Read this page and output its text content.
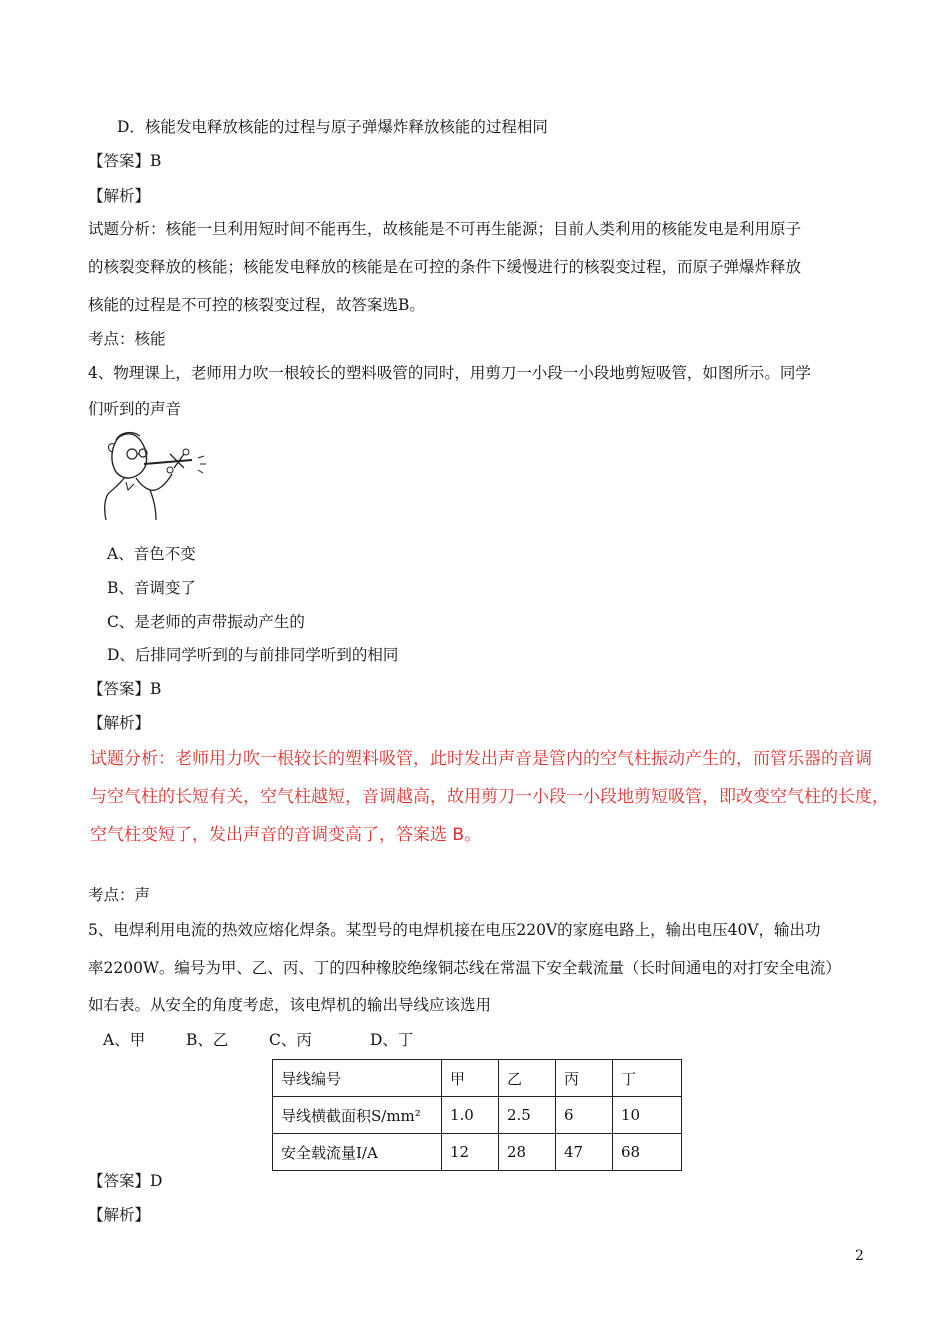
D．核能发电释放核能的过程与原子弹爆炸释放核能的过程相同
【答案】B
【解析】
试题分析：核能一旦利用短时间不能再生，故核能是不可再生能源；目前人类利用的核能发电是利用原子
的核裂变释放的核能；核能发电释放的核能是在可控的条件下缓慢进行的核裂变过程，而原子弹爆炸释放
核能的过程是不可控的核裂变过程，故答案选B。
考点：核能
4、物理课上，老师用力吹一根较长的塑料吸管的同时，用剪刀一小段一小段地剪短吸管，如图所示。同学
们听到的声音
A、音色不变
B、音调变了
C、是老师的声带振动产生的
D、后排同学听到的与前排同学听到的相同
【答案】B
【解析】
试题分析：老师用力吹一根较长的塑料吸管，此时发出声音是管内的空气柱振动产生的，而管乐器的音调
与空气柱的长短有关，空气柱越短，音调越高，故用剪刀一小段一小段地剪短吸管，即改变空气柱的长度，
空气柱变短了，发出声音的音调变高了，答案选 B。
考点：声
5、电焊利用电流的热效应熔化焊条。某型号的电焊机接在电压220V的家庭电路上，输出电压40V，输出功
率2200W。编号为甲、乙、丙、丁的四种橡胶绝缘铜芯线在常温下安全载流量（长时间通电的对打安全电流）
如右表。从安全的角度考虑，该电焊机的输出导线应该选用
A、甲	B、乙	C、丙	D、丁
导线编号	甲	乙	丙	丁
导线横截面积S/mm²	1.0	2.5	6	10
安全载流量I/A	12	28	47	68
【答案】D
【解析】
2
